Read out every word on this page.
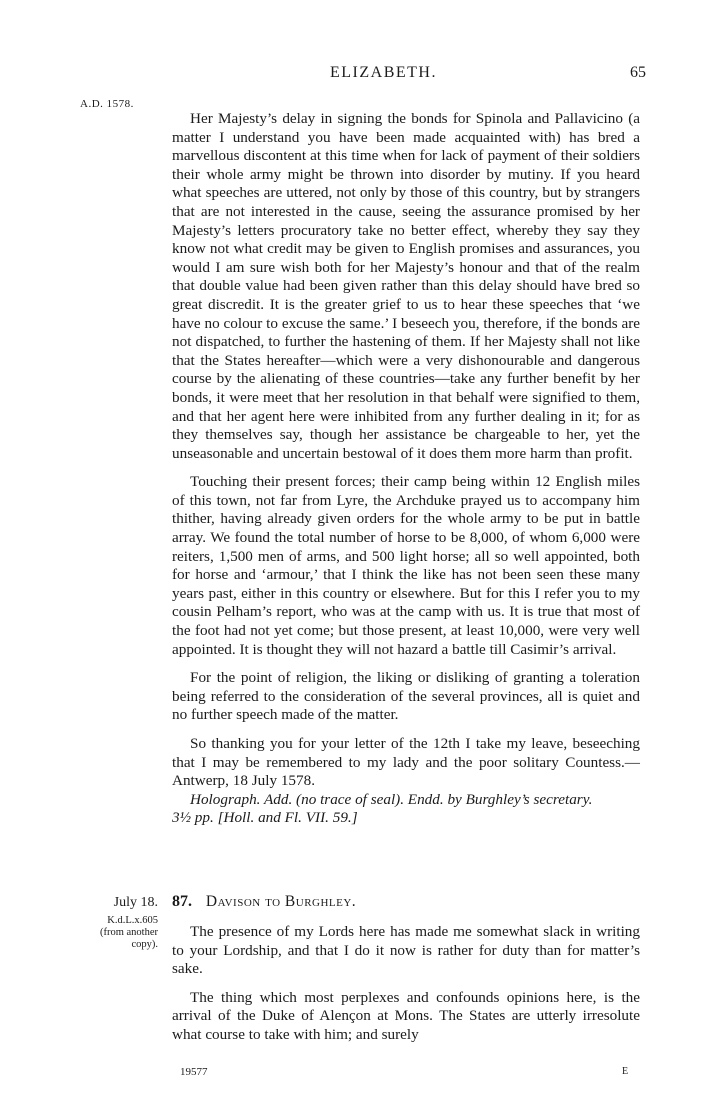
ELIZABETH.	65
A.D. 1578.

Her Majesty’s delay in signing the bonds for Spinola and Pallavicino (a matter I understand you have been made acquainted with) has bred a marvellous discontent at this time when for lack of payment of their soldiers their whole army might be thrown into disorder by mutiny. If you heard what speeches are uttered, not only by those of this country, but by strangers that are not interested in the cause, seeing the assurance promised by her Majesty’s letters procuratory take no better effect, whereby they say they know not what credit may be given to English promises and assurances, you would I am sure wish both for her Majesty’s honour and that of the realm that double value had been given rather than this delay should have bred so great discredit. It is the greater grief to us to hear these speeches that ‘we have no colour to excuse the same.’ I beseech you, therefore, if the bonds are not dispatched, to further the hastening of them. If her Majesty shall not like that the States hereafter—which were a very dishonourable and dangerous course by the alienating of these countries—take any further benefit by her bonds, it were meet that her resolution in that behalf were signified to them, and that her agent here were inhibited from any further dealing in it; for as they themselves say, though her assistance be chargeable to her, yet the unseasonable and uncertain bestowal of it does them more harm than profit.

Touching their present forces; their camp being within 12 English miles of this town, not far from Lyre, the Archduke prayed us to accompany him thither, having already given orders for the whole army to be put in battle array. We found the total number of horse to be 8,000, of whom 6,000 were reiters, 1,500 men of arms, and 500 light horse; all so well appointed, both for horse and ‘armour,’ that I think the like has not been seen these many years past, either in this country or elsewhere. But for this I refer you to my cousin Pelham’s report, who was at the camp with us. It is true that most of the foot had not yet come; but those present, at least 10,000, were very well appointed. It is thought they will not hazard a battle till Casimir’s arrival.

For the point of religion, the liking or disliking of granting a toleration being referred to the consideration of the several provinces, all is quiet and no further speech made of the matter.

So thanking you for your letter of the 12th I take my leave, beseeching that I may be remembered to my lady and the poor solitary Countess.—Antwerp, 18 July 1578.

Holograph. Add. (no trace of seal). Endd. by Burghley’s secretary.
3½ pp. [Holl. and Fl. VII. 59.]

July 18.
K.d.L.x.605
(from another
copy).
87. Davison to Burghley.

The presence of my Lords here has made me somewhat slack in writing to your Lordship, and that I do it now is rather for duty than for matter’s sake.

The thing which most perplexes and confounds opinions here, is the arrival of the Duke of Alençon at Mons. The States are utterly irresolute what course to take with him; and surely

19577	E
